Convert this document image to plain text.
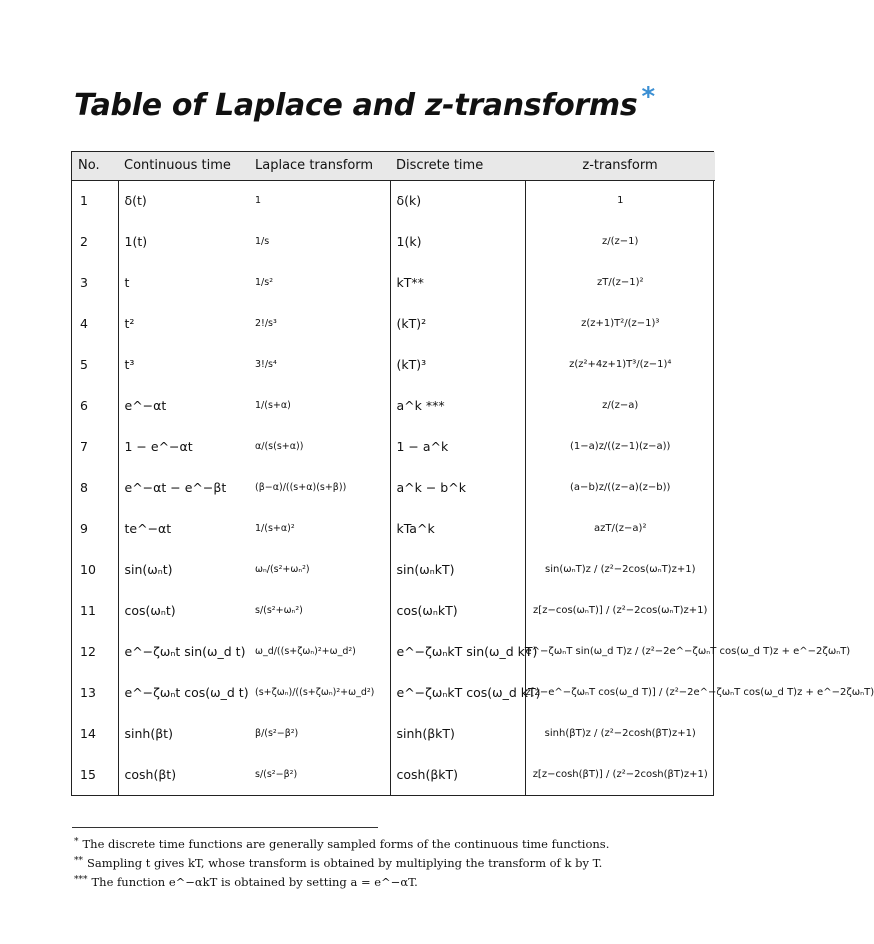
Table of Laplace and z-transforms *
No.	Continuous time	Laplace transform	Discrete time	z-transform
1	δ(t)	1	δ(k)	1
2	1(t)	1/s	1(k)	z/(z−1)
3	t	1/s²	kT**	zT/(z−1)²
4	t²	2!/s³	(kT)²	z(z+1)T²/(z−1)³
5	t³	3!/s⁴	(kT)³	z(z²+4z+1)T³/(z−1)⁴
6	e^−αt	1/(s+α)	a^k ***	z/(z−a)
7	1 − e^−αt	α/(s(s+α))	1 − a^k	(1−a)z/((z−1)(z−a))
8	e^−αt − e^−βt	(β−α)/((s+α)(s+β))	a^k − b^k	(a−b)z/((z−a)(z−b))
9	te^−αt	1/(s+α)²	kTa^k	azT/(z−a)²
10	sin(ωₙt)	ωₙ/(s²+ωₙ²)	sin(ωₙkT)	sin(ωₙT)z / (z²−2cos(ωₙT)z+1)
11	cos(ωₙt)	s/(s²+ωₙ²)	cos(ωₙkT)	z[z−cos(ωₙT)] / (z²−2cos(ωₙT)z+1)
12	e^−ζωₙt sin(ω_d t)	ω_d/((s+ζωₙ)²+ω_d²)	e^−ζωₙkT sin(ω_d kT)	e^−ζωₙT sin(ω_d T)z / (z²−2e^−ζωₙT cos(ω_d T)z + e^−2ζωₙT)
13	e^−ζωₙt cos(ω_d t)	(s+ζωₙ)/((s+ζωₙ)²+ω_d²)	e^−ζωₙkT cos(ω_d kT)	z[z−e^−ζωₙT cos(ω_d T)] / (z²−2e^−ζωₙT cos(ω_d T)z + e^−2ζωₙT)
14	sinh(βt)	β/(s²−β²)	sinh(βkT)	sinh(βT)z / (z²−2cosh(βT)z+1)
15	cosh(βt)	s/(s²−β²)	cosh(βkT)	z[z−cosh(βT)] / (z²−2cosh(βT)z+1)
* The discrete time functions are generally sampled forms of the continuous time functions.
** Sampling t gives kT, whose transform is obtained by multiplying the transform of k by T.
*** The function e^−αkT is obtained by setting a = e^−αT.
